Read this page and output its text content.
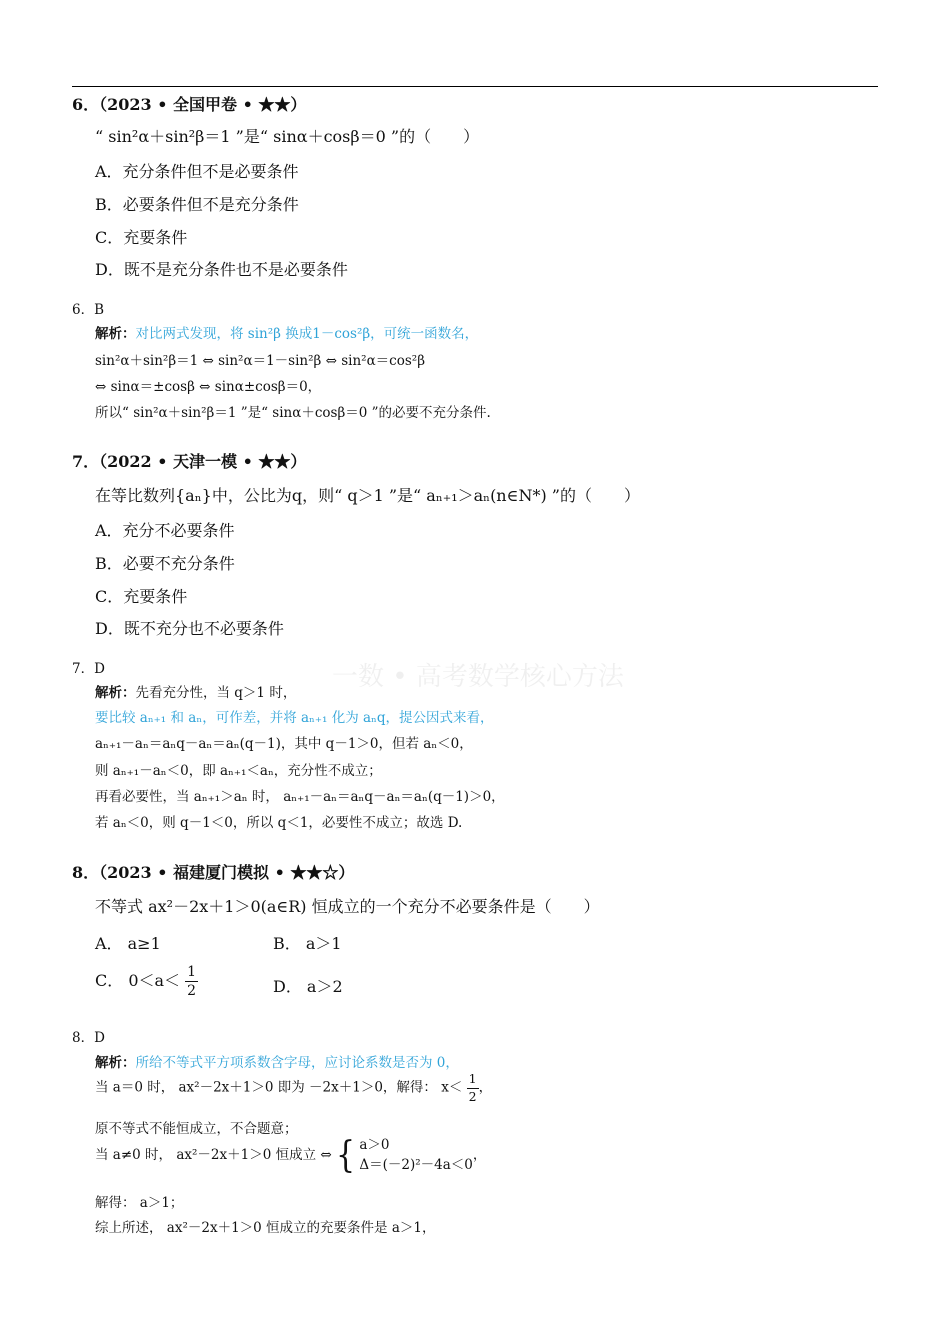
一数 • 高考数学核心方法
6．（2023 • 全国甲卷 • ★★）
“ sin²α＋sin²β＝1 ”是“ sinα＋cosβ＝0 ”的（　　）
A．充分条件但不是必要条件
B．必要条件但不是充分条件
C．充要条件
D．既不是充分条件也不是必要条件
6．B
解析：对比两式发现，将 sin²β 换成1－cos²β，可统一函数名，
sin²α＋sin²β＝1 ⇔ sin²α＝1－sin²β ⇔ sin²α＝cos²β
⇔ sinα＝±cosβ ⇔ sinα±cosβ＝0，
所以“ sin²α＋sin²β＝1 ”是“ sinα＋cosβ＝0 ”的必要不充分条件.
7．（2022 • 天津一模 • ★★）
在等比数列{aₙ}中，公比为q，则“ q＞1 ”是“ aₙ₊₁＞aₙ(n∈N*) ”的（　　）
A．充分不必要条件
B．必要不充分条件
C．充要条件
D．既不充分也不必要条件
7．D
解析：先看充分性，当 q＞1 时，
要比较 aₙ₊₁ 和 aₙ，可作差，并将 aₙ₊₁ 化为 aₙq，提公因式来看，
aₙ₊₁－aₙ＝aₙq－aₙ＝aₙ(q－1)，其中 q－1＞0，但若 aₙ＜0，
则 aₙ₊₁－aₙ＜0，即 aₙ₊₁＜aₙ，充分性不成立；
再看必要性，当 aₙ₊₁＞aₙ 时， aₙ₊₁－aₙ＝aₙq－aₙ＝aₙ(q－1)＞0，
若 aₙ＜0，则 q－1＜0，所以 q＜1，必要性不成立；故选 D.
8．（2023 • 福建厦门模拟 • ★★☆）
不等式 ax²－2x＋1＞0(a∈R) 恒成立的一个充分不必要条件是（　　）
A． a≥1	B． a＞1
C． $0<a< \frac{1}{2}$	D． a＞2
8．D
解析：所给不等式平方项系数含字母，应讨论系数是否为 0，
当 a＝0 时， ax²－2x＋1＞0 即为 －2x＋1＞0，解得： $x< \frac{1}{2}$ ，
原不等式不能恒成立，不合题意；
当 a≠0 时， ax²－2x＋1＞0 恒成立 ⇔ { a＞0
Δ＝(－2)²－4a＜0
，
解得： a＞1；
综上所述， ax²－2x＋1＞0 恒成立的充要条件是 a＞1，
